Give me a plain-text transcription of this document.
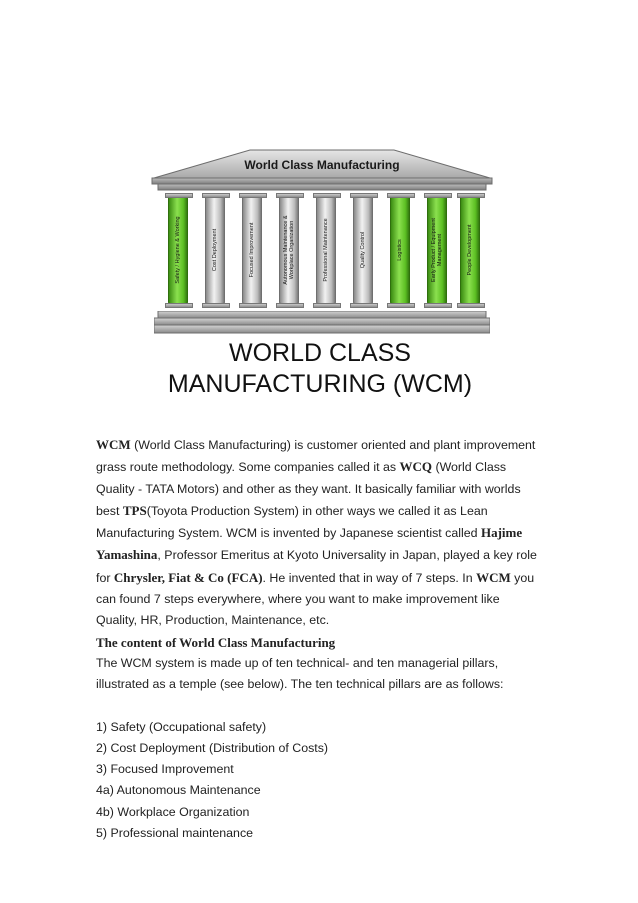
World Class Manufacturing
Safety / Hygiene & Working	Cost Deployment	Focused Improvement	Autonomous Maintenance & Workplace Organization	Professional Maintenance	Quality Control	Logistics	Early Product / Equipment Management	People Development
WORLD CLASS
MANUFACTURING (WCM)

WCM (World Class Manufacturing) is customer oriented and plant improvement grass route methodology. Some companies called it as WCQ (World Class Quality - TATA Motors) and other as they want. It basically familiar with worlds best TPS(Toyota Production System) in other ways we called it as Lean Manufacturing System. WCM is invented by Japanese scientist called Hajime Yamashina, Professor Emeritus at Kyoto Universality in Japan, played a key role for Chrysler, Fiat & Co (FCA). He invented that in way of 7 steps. In WCM you can found 7 steps everywhere, where you want to make improvement like Quality, HR, Production, Maintenance, etc.

The content of World Class Manufacturing

The WCM system is made up of ten technical- and ten managerial pillars, illustrated as a temple (see below). The ten technical pillars are as follows:

1) Safety (Occupational safety)

2) Cost Deployment (Distribution of Costs)

3) Focused Improvement

4a) Autonomous Maintenance

4b) Workplace Organization

5) Professional maintenance
